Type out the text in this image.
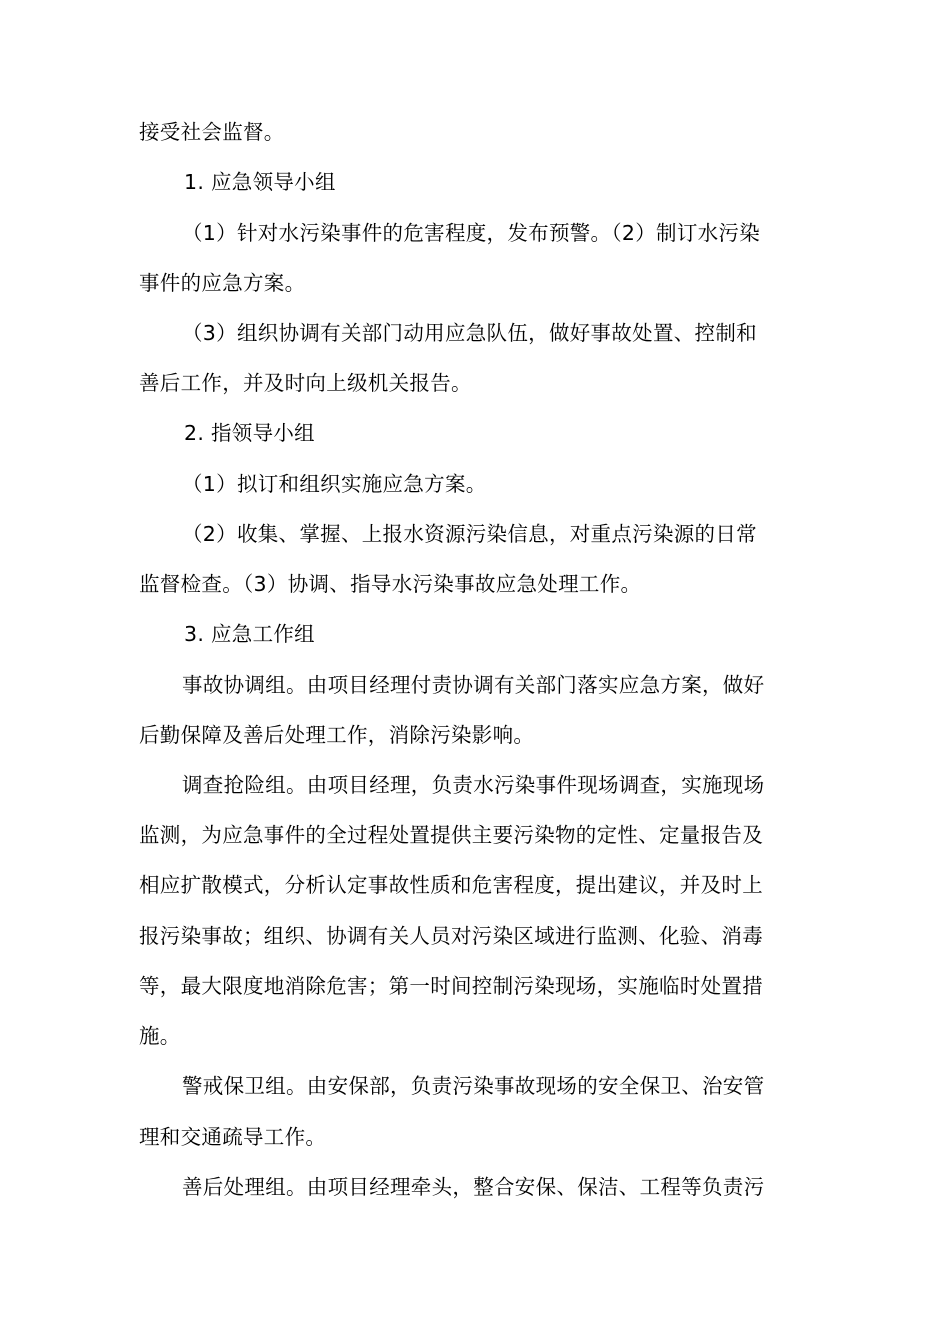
接受社会监督。
1. 应急领导小组
（1）针对水污染事件的危害程度，发布预警。（2）制订水污染
事件的应急方案。
（3）组织协调有关部门动用应急队伍，做好事故处置、控制和
善后工作，并及时向上级机关报告。
2. 指领导小组
（1）拟订和组织实施应急方案。
（2）收集、掌握、上报水资源污染信息，对重点污染源的日常
监督检查。（3）协调、指导水污染事故应急处理工作。
3. 应急工作组
事故协调组。由项目经理付责协调有关部门落实应急方案，做好
后勤保障及善后处理工作，消除污染影响。
调查抢险组。由项目经理，负责水污染事件现场调查，实施现场
监测，为应急事件的全过程处置提供主要污染物的定性、定量报告及
相应扩散模式，分析认定事故性质和危害程度，提出建议，并及时上
报污染事故；组织、协调有关人员对污染区域进行监测、化验、消毒
等，最大限度地消除危害；第一时间控制污染现场，实施临时处置措
施。
警戒保卫组。由安保部，负责污染事故现场的安全保卫、治安管
理和交通疏导工作。
善后处理组。由项目经理牵头，整合安保、保洁、工程等负责污
